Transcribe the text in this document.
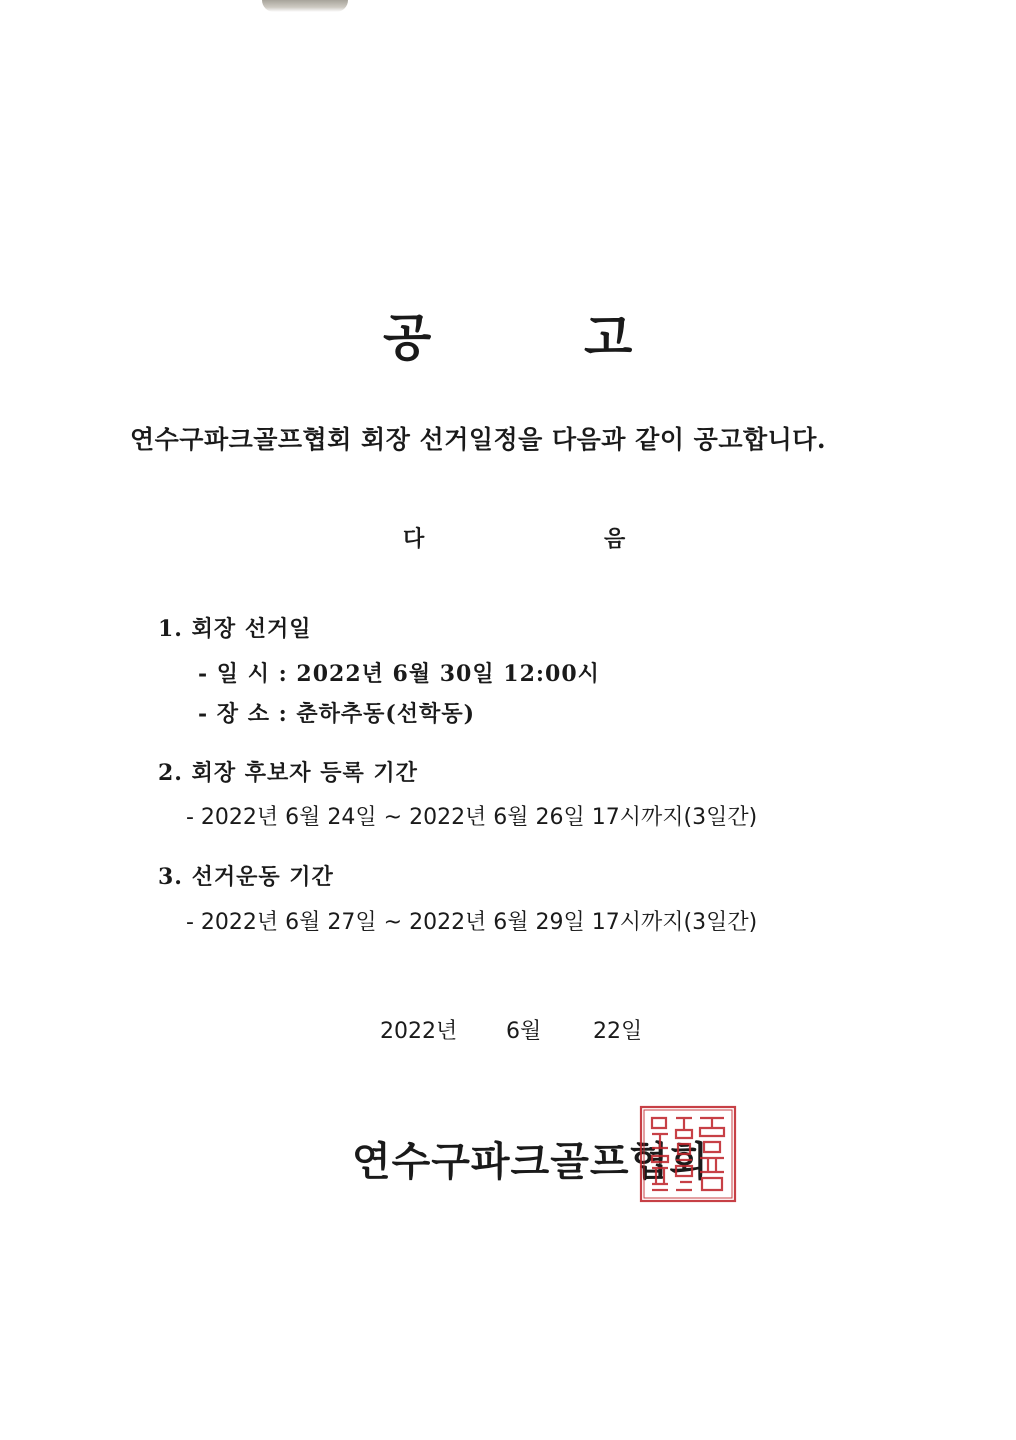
공	고
연수구파크골프협회 회장 선거일정을 다음과 같이 공고합니다.
다	음
1. 회장 선거일
- 일 시 : 2022년 6월 30일 12:00시
- 장 소 : 춘하추동(선학동)
2. 회장 후보자 등록 기간
- 2022년 6월 24일 ~ 2022년 6월 26일 17시까지(3일간)
3. 선거운동 기간
- 2022년 6월 27일 ~ 2022년 6월 29일 17시까지(3일간)
2022년 6월 22일
연수구파크골프협회
